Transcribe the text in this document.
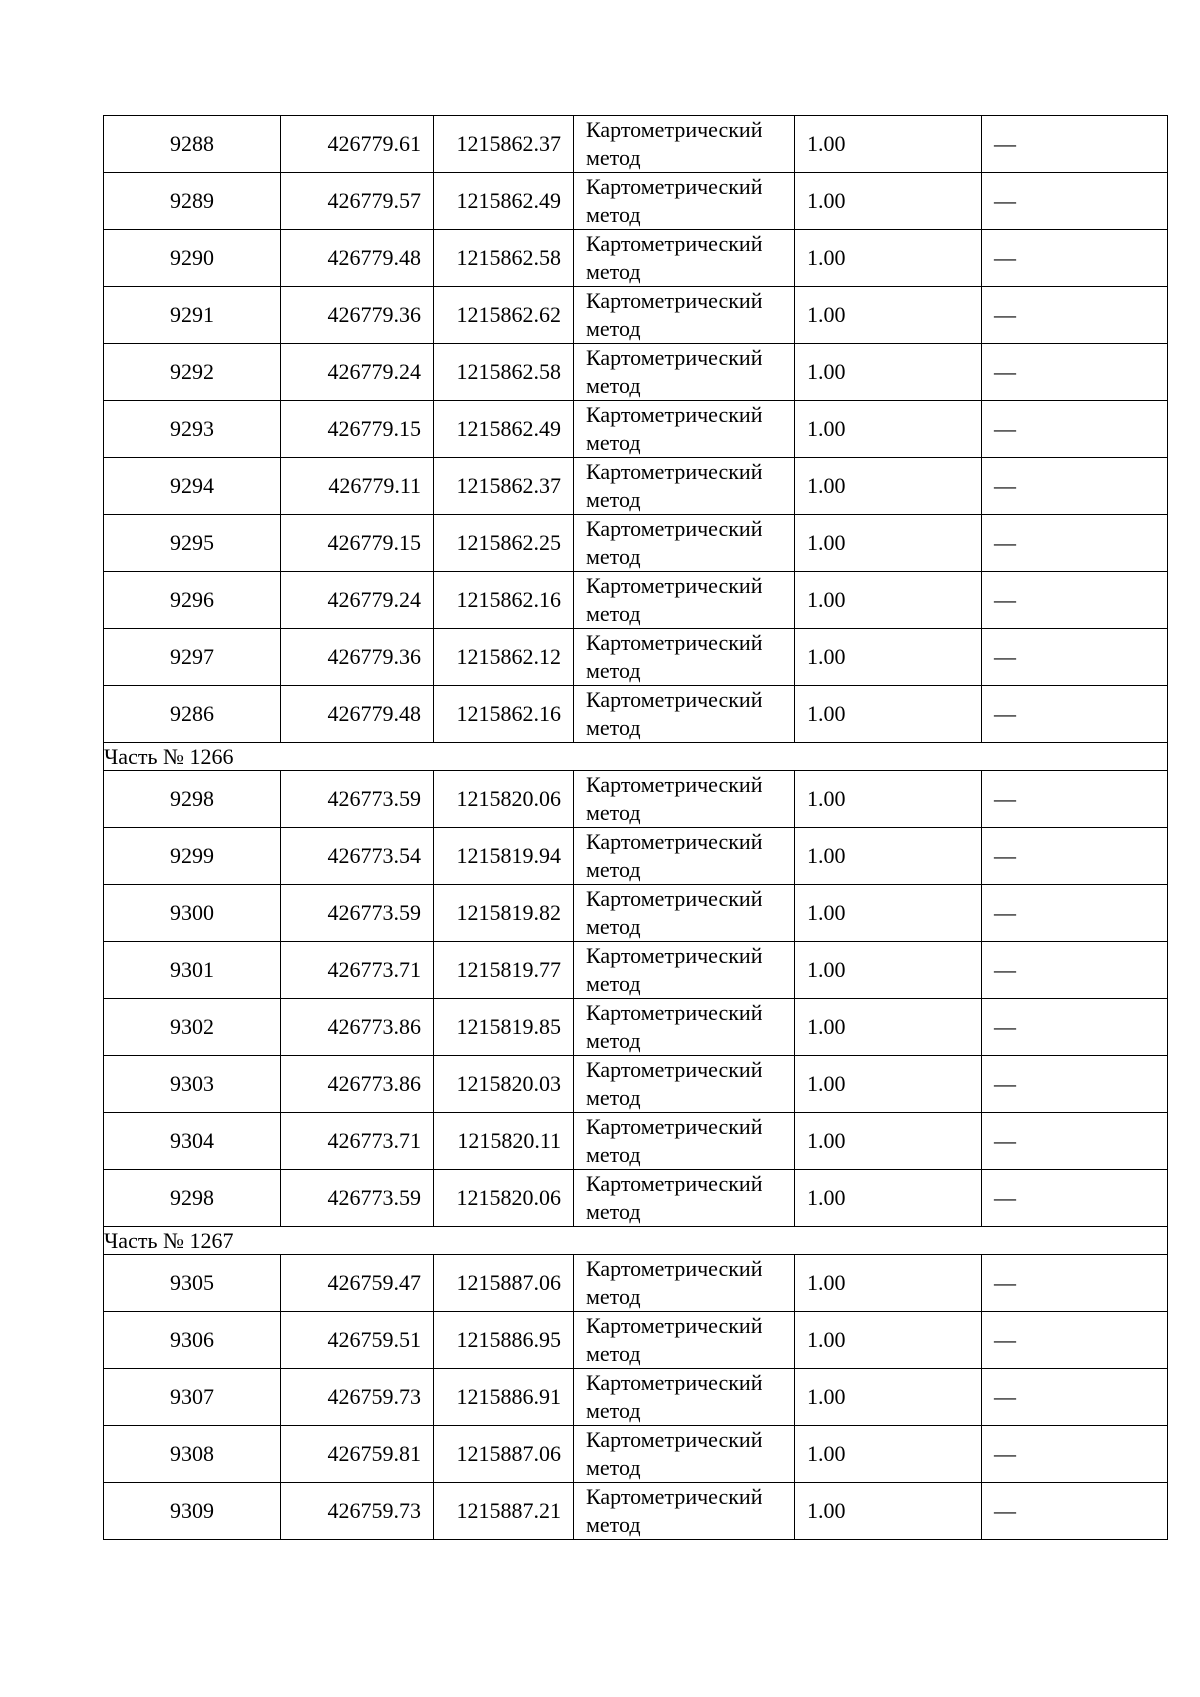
9288	426779.61	1215862.37	Картометрический
метод	1.00	—
9289	426779.57	1215862.49	Картометрический
метод	1.00	—
9290	426779.48	1215862.58	Картометрический
метод	1.00	—
9291	426779.36	1215862.62	Картометрический
метод	1.00	—
9292	426779.24	1215862.58	Картометрический
метод	1.00	—
9293	426779.15	1215862.49	Картометрический
метод	1.00	—
9294	426779.11	1215862.37	Картометрический
метод	1.00	—
9295	426779.15	1215862.25	Картометрический
метод	1.00	—
9296	426779.24	1215862.16	Картометрический
метод	1.00	—
9297	426779.36	1215862.12	Картометрический
метод	1.00	—
9286	426779.48	1215862.16	Картометрический
метод	1.00	—
Часть № 1266					
9298	426773.59	1215820.06	Картометрический
метод	1.00	—
9299	426773.54	1215819.94	Картометрический
метод	1.00	—
9300	426773.59	1215819.82	Картометрический
метод	1.00	—
9301	426773.71	1215819.77	Картометрический
метод	1.00	—
9302	426773.86	1215819.85	Картометрический
метод	1.00	—
9303	426773.86	1215820.03	Картометрический
метод	1.00	—
9304	426773.71	1215820.11	Картометрический
метод	1.00	—
9298	426773.59	1215820.06	Картометрический
метод	1.00	—
Часть № 1267					
9305	426759.47	1215887.06	Картометрический
метод	1.00	—
9306	426759.51	1215886.95	Картометрический
метод	1.00	—
9307	426759.73	1215886.91	Картометрический
метод	1.00	—
9308	426759.81	1215887.06	Картометрический
метод	1.00	—
9309	426759.73	1215887.21	Картометрический
метод	1.00	—
